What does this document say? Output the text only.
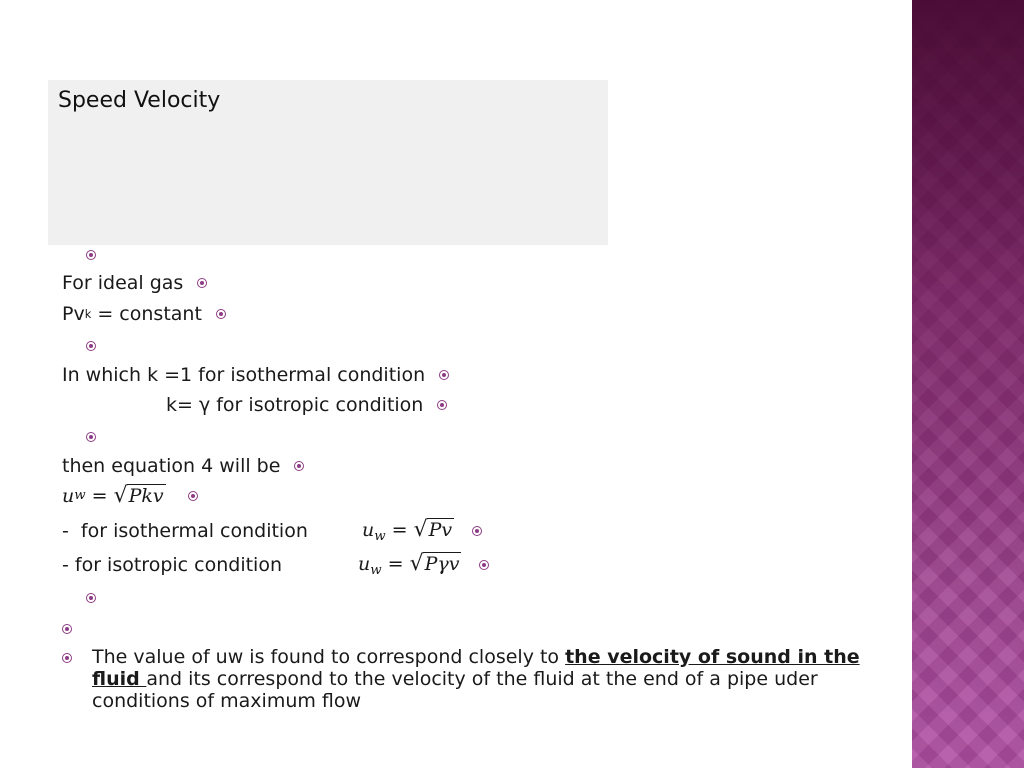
Speed Velocity
For ideal gas
Pv k = constant
In which k =1 for isothermal condition
k= γ for isotropic condition
then equation 4 will be
u w = √ Pkv
-  for isothermal condition	$u_w$ = √ Pv
- for isotropic condition	$u_w$ = √ Pγv
The value of uw is found to correspond closely to the velocity of sound in the fluid and its correspond to the velocity of the fluid at the end of a pipe uder conditions of maximum flow
